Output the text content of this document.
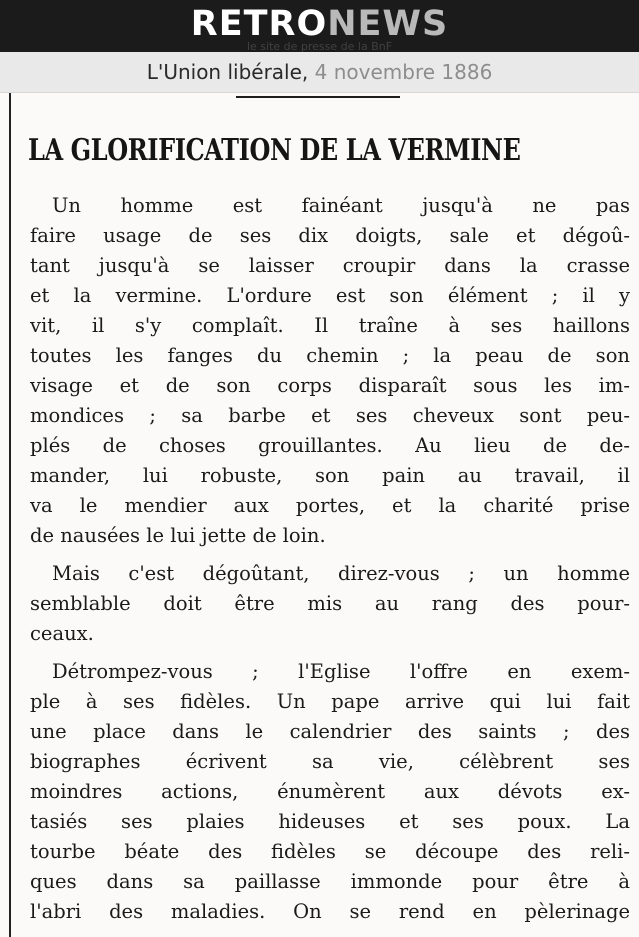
RETRONEWS
le site de presse de la BnF
L'Union libérale, 4 novembre 1886
LA GLORIFICATION DE LA VERMINE
Un homme est fainéant jusqu'à ne pas
faire usage de ses dix doigts, sale et dégoû-
tant jusqu'à se laisser croupir dans la crasse
et la vermine. L'ordure est son élément ; il y
vit, il s'y complaît. Il traîne à ses haillons
toutes les fanges du chemin ; la peau de son
visage et de son corps disparaît sous les im-
mondices ; sa barbe et ses cheveux sont peu-
plés de choses grouillantes. Au lieu de de-
mander, lui robuste, son pain au travail, il
va le mendier aux portes, et la charité prise
de nausées le lui jette de loin.
Mais c'est dégoûtant, direz-vous ; un homme
semblable doit être mis au rang des pour-
ceaux.
Détrompez-vous ; l'Eglise l'offre en exem-
ple à ses fidèles. Un pape arrive qui lui fait
une place dans le calendrier des saints ; des
biographes écrivent sa vie, célèbrent ses
moindres actions, énumèrent aux dévots ex-
tasiés ses plaies hideuses et ses poux. La
tourbe béate des fidèles se découpe des reli-
ques dans sa paillasse immonde pour être à
l'abri des maladies. On se rend en pèlerinage
